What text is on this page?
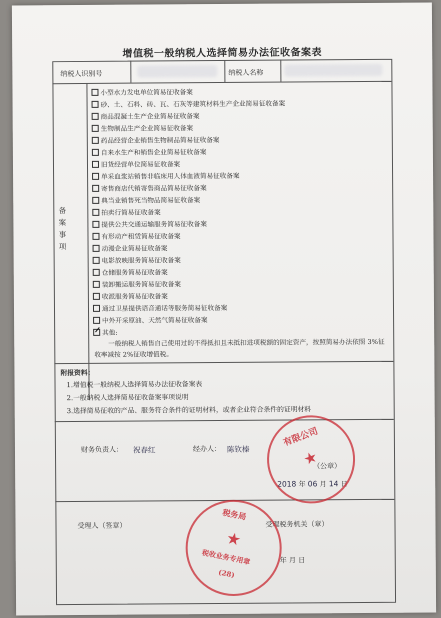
增值税一般纳税人选择简易办法征收备案表
纳税人识别号	纳税人名称
备
案
事
项
小型水力发电单位简易征收备案
砂、土、石料、砖、瓦、石灰等建筑材料生产企业简易征收备案
商品混凝土生产企业简易征收备案
生物制品生产企业简易征收备案
药品经营企业销售生物制品简易征收备案
自来水生产和销售企业简易征收备案
旧货经营单位简易征收备案
单采血浆站销售非临床用人体血液简易征收备案
寄售商店代销寄售商品简易征收备案
典当业销售死当物品简易征收备案
拍卖行简易征收备案
提供公共交通运输服务简易征收备案
有形动产租赁简易征收备案
动漫企业简易征收备案
电影放映服务简易征收备案
仓储服务简易征收备案
装卸搬运服务简易征收备案
收派服务简易征收备案
通过卫星提供语音通话等服务简易征收备案
中外开采原油、天然气简易征收备案
其他:
一般纳税人销售自己使用过的不得抵扣且未抵扣进项税额的固定资产，按照简易办法依照 3%征收率减按 2%征收增值税。
附报资料：
1.增值税一般纳税人选择简易办法征收备案表
2.一般纳税人选择简易征收备案事项说明
3.选择简易征收的产品、服务符合条件的证明材料，或者企业符合条件的证明材料
财务负责人： 祝春红	经办人： 陈钦榛
（公章）
2018 年 06 月 14 日
受理人（签章）	受理税务机关（章）
年 月 日
有限公司
★
税务局
★
税收业务专用章
(28)
